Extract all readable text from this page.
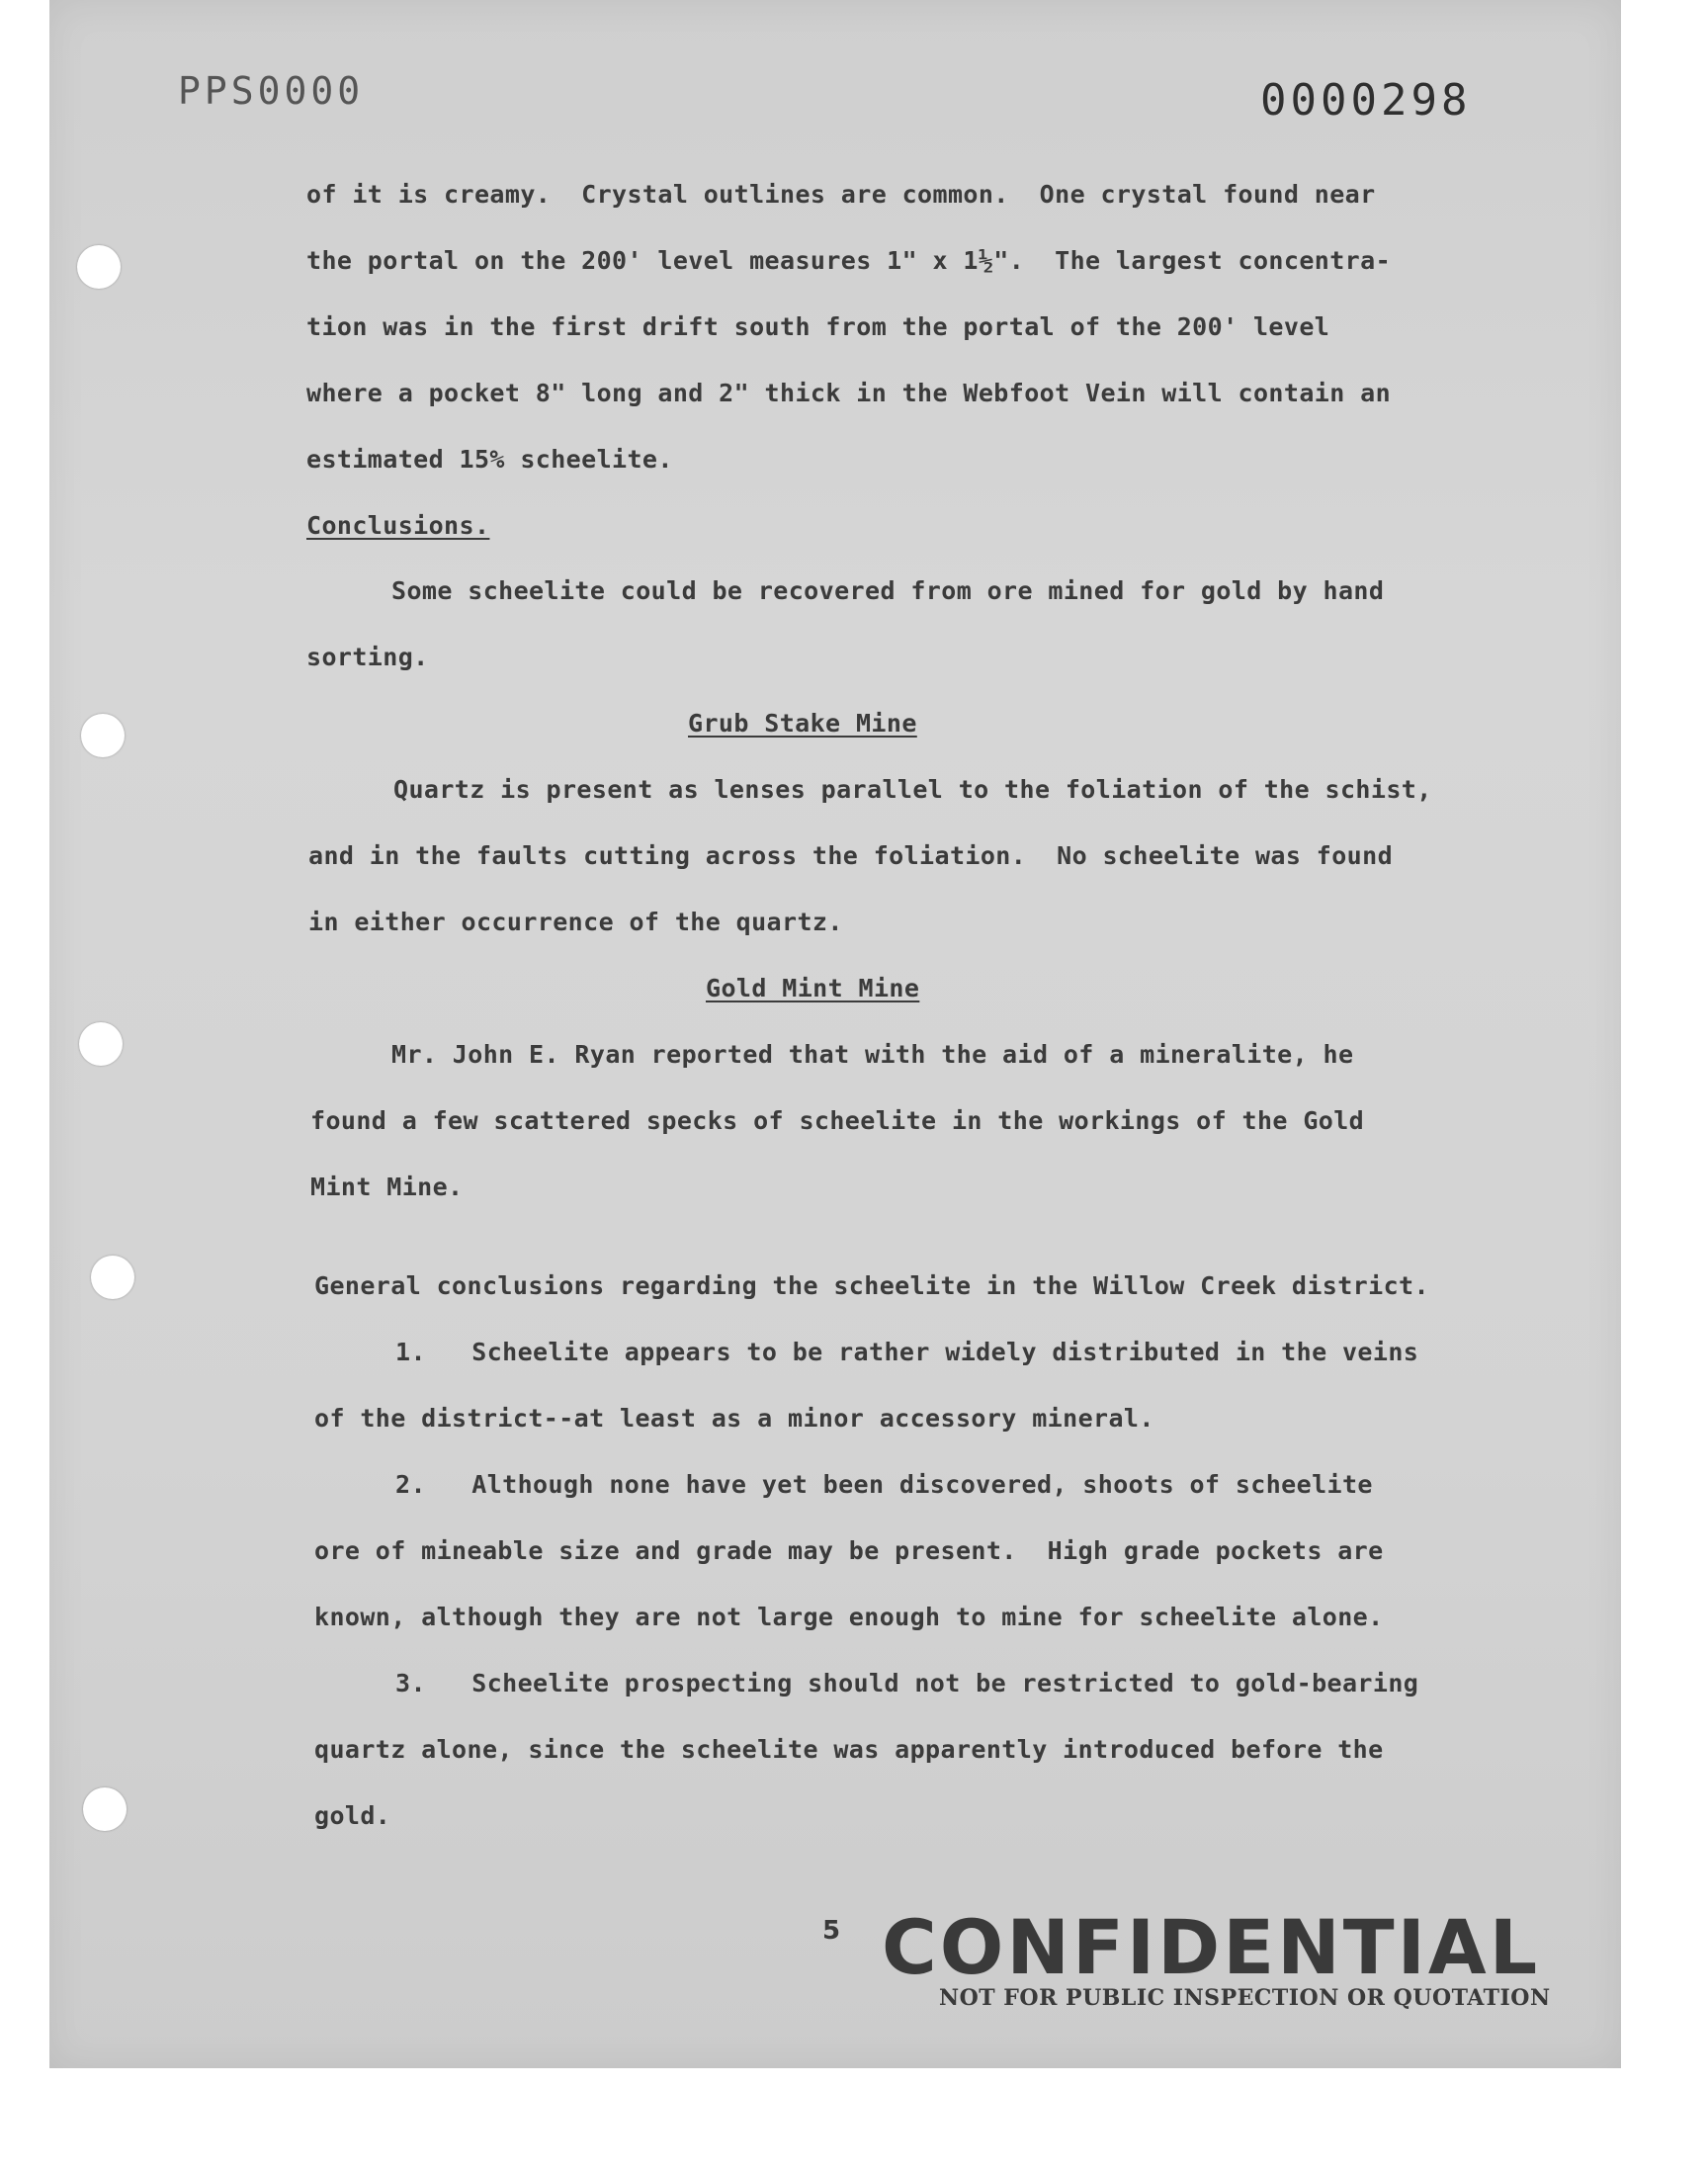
PPS0000	0000298
of it is creamy.  Crystal outlines are common.  One crystal found near
the portal on the 200' level measures 1" x 1½".  The largest concentra-
tion was in the first drift south from the portal of the 200' level
where a pocket 8" long and 2" thick in the Webfoot Vein will contain an
estimated 15% scheelite.
Conclusions.
Some scheelite could be recovered from ore mined for gold by hand
sorting.
Grub Stake Mine
Quartz is present as lenses parallel to the foliation of the schist,
and in the faults cutting across the foliation.  No scheelite was found
in either occurrence of the quartz.
Gold Mint Mine
Mr. John E. Ryan reported that with the aid of a mineralite, he
found a few scattered specks of scheelite in the workings of the Gold
Mint Mine.
General conclusions regarding the scheelite in the Willow Creek district.
1.   Scheelite appears to be rather widely distributed in the veins
of the district--at least as a minor accessory mineral.
2.   Although none have yet been discovered, shoots of scheelite
ore of mineable size and grade may be present.  High grade pockets are
known, although they are not large enough to mine for scheelite alone.
3.   Scheelite prospecting should not be restricted to gold-bearing
quartz alone, since the scheelite was apparently introduced before the
gold.
5 CONFIDENTIAL
NOT FOR PUBLIC INSPECTION OR QUOTATION
